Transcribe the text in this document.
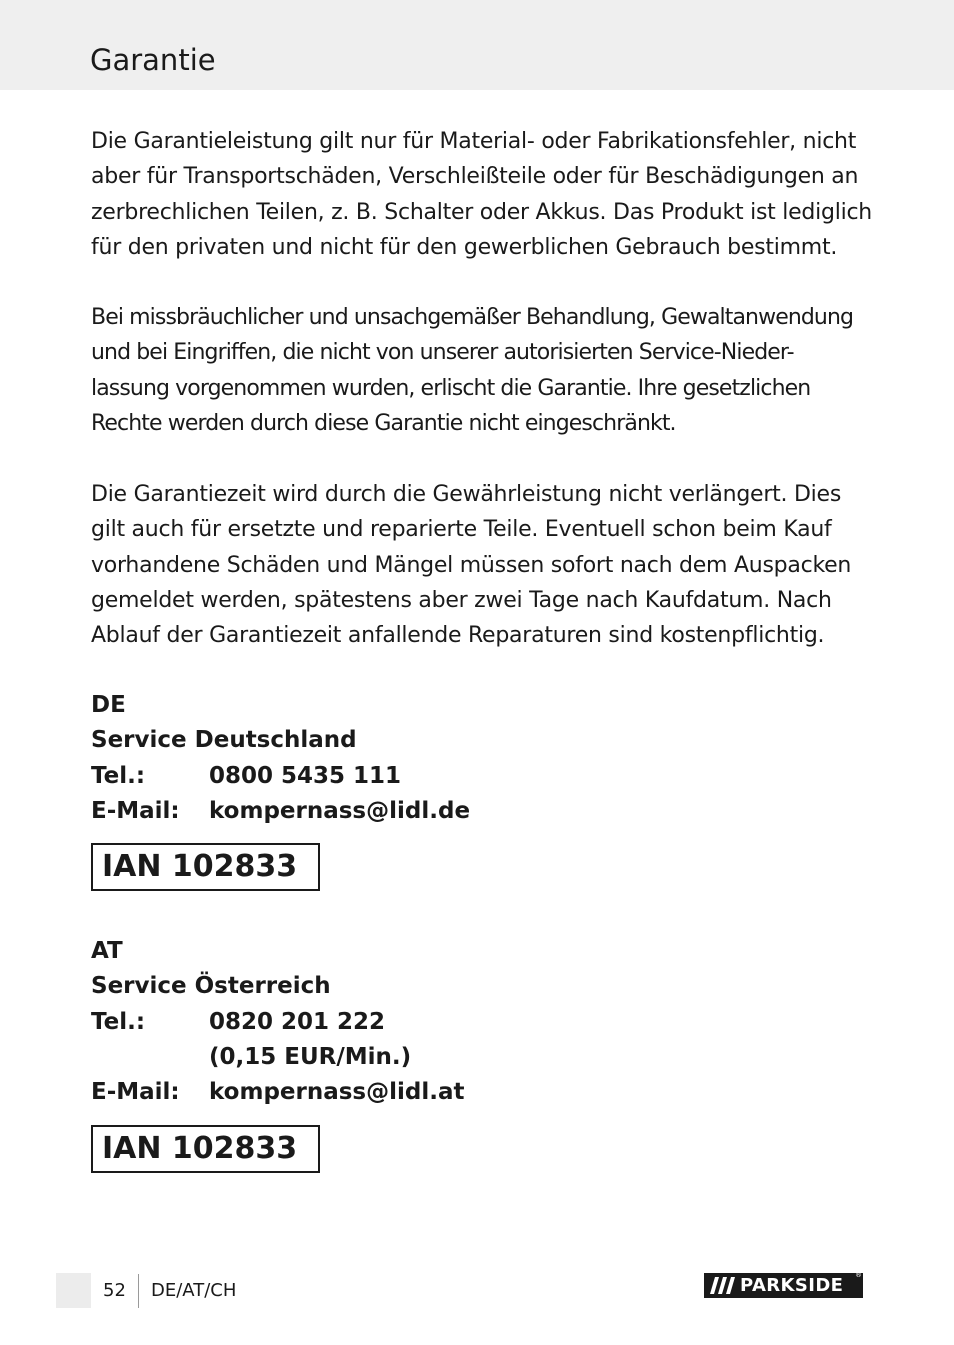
Garantie

Die Garantieleistung gilt nur für Material- oder Fabrikationsfehler, nicht
aber für Transportschäden, Verschleißteile oder für Beschädigungen an
zerbrechlichen Teilen, z. B. Schalter oder Akkus. Das Produkt ist lediglich
für den privaten und nicht für den gewerblichen Gebrauch bestimmt.

Bei missbräuchlicher und unsachgemäßer Behandlung, Gewaltanwendung
und bei Eingriffen, die nicht von unserer autorisierten Service-Nieder-
lassung vorgenommen wurden, erlischt die Garantie. Ihre gesetzlichen
Rechte werden durch diese Garantie nicht eingeschränkt.

Die Garantiezeit wird durch die Gewährleistung nicht verlängert. Dies
gilt auch für ersetzte und reparierte Teile. Eventuell schon beim Kauf
vorhandene Schäden und Mängel müssen sofort nach dem Auspacken
gemeldet werden, spätestens aber zwei Tage nach Kaufdatum. Nach
Ablauf der Garantiezeit anfallende Reparaturen sind kostenpflichtig.

DE
Service Deutschland
Tel.:	0800 5435 111
E-Mail:	kompernass@lidl.de
IAN 102833
AT
Service Österreich
Tel.:	0820 201 222
(0,15 EUR/Min.)
E-Mail:	kompernass@lidl.at
IAN 102833
52 DE/AT/CH	PARKSIDE ®
